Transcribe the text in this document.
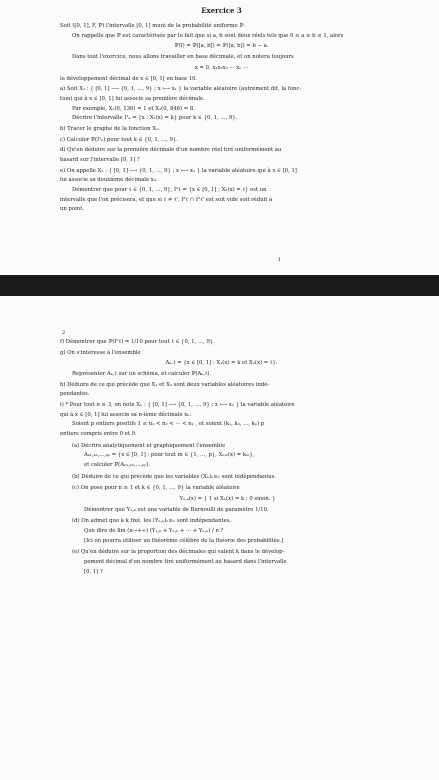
Exercice 3

Soit ([0, 1], F, ℙ) l'intervalle [0, 1] muni de la probabilité uniforme ℙ.

On rappelle que ℙ est caractérisée par le fait que si a, b sont deux réels tels que 0 ≤ a ≤ b ≤ 1, alors

ℙ(I) = ℙ([a, b[) = ℙ(]a, b]) = b − a.

Dans tout l'exercice, nous allons travailler en base décimale, et on notera toujours

x = 0, x₁x₂x₃ ··· xₙ ···

le développement décimal de x ∈ [0, 1[ en base 10.

a) Soit X₁ : { [0, 1] ⟶ {0, 1, ..., 9} ; x ⟼ x₁ } la variable aléatoire (autrement dit, la fonc-

tion) qui à x ∈ [0, 1] lui associe sa première décimale.

Par exemple, X₁(0, 136) = 1 et X₁(0, 846) = 8.

Décrire l'intervalle I¹ₖ = {x : X₁(x) = k} pour k ∈ {0, 1, ..., 9}.

b) Tracer le graphe de la fonction X₁.

c) Calculer ℙ(I¹ₖ) pour tout k ∈ {0, 1, ..., 9}.

d) Qu'en déduire sur la première décimale d'un nombre réel tiré uniformément au

hasard sur l'intervalle [0, 1] ?

e) On appelle X₂ : { [0, 1] ⟶ {0, 1, ..., 9} ; x ⟼ x₂ } la variable aléatoire qui à x ∈ [0, 1]

lui associe sa deuxième décimale x₂.

Démontrer que pour ℓ ∈ {0, 1, ..., 9}, I²ℓ = {x ∈ [0, 1] ; X₂(x) = ℓ} est un

intervalle que l'on précisera, et que si ℓ ≠ ℓ', I²ℓ ∩ I²ℓ' est soit vide soit réduit à

un point.

1
2

f) Démontrer que ℙ(I²ℓ) = 1/10 pour tout ℓ ∈ {0, 1, ..., 9}.

g) On s'intéresse à l'ensemble

Aₖ,ℓ = {x ∈ [0, 1] : X₁(x) = k et X₂(x) = ℓ}.

Représenter Aₖ,ℓ sur un schéma, et calculer ℙ(Aₖ,ℓ).

h) Déduire de ce qui précède que X₁ et X₂ sont deux variables aléatoires indé-

pendantes.

i) * Pour tout n ≥ 3, on note Xₙ : { [0, 1] ⟶ {0, 1, ..., 9} ; x ⟼ xₙ } la variable aléatoire

qui à x ∈ [0, 1] lui associe sa n-ième décimale xₙ.

Soient p entiers positifs 1 ≤ n₁ < n₂ < ··· < nₚ , et soient (k₁, k₂, ..., kₚ) p

entiers compris entre 0 et 9.

(a) Décrire analytiquement et graphiquement l'ensemble

Aₖ₁,ₖ₂,...,ₖₚ = {x ∈ [0, 1] : pour tout m ∈ {1, ..., p}, Xₙₘ(x) = kₘ},

et calculer ℙ(Aₖ₁,ₖ₂,...,ₖₚ).

(b) Déduire de ce qui précède que les variables (Xₙ)ₙ≥₁ sont indépendantes.

(c) On pose pour n ≥ 1 et k ∈ {0, 1, ..., 9} la variable aléatoire

Yₙ,ₖ(x) = { 1 si Xₙ(x) = k ; 0 sinon. }

Démontrer que Yₙ,ₖ est une variable de Bernoulli de paramètre 1/10.

(d) On admet que à k fixé, les (Yₙ,ₖ)ₙ≥₁ sont indépendantes.

Que dire de lim (n→+∞) (Y₁,ₖ + Y₂,ₖ + ··· + Yₙ,ₖ) / n ?

[Ici on pourra utiliser un théorème célèbre de la théorie des probabilités.]

(e) Qu'en déduire sur la proportion des décimales qui valent k dans le dévelop-

pement décimal d'un nombre tiré uniformément au hasard dans l'intervalle

[0, 1] ?
